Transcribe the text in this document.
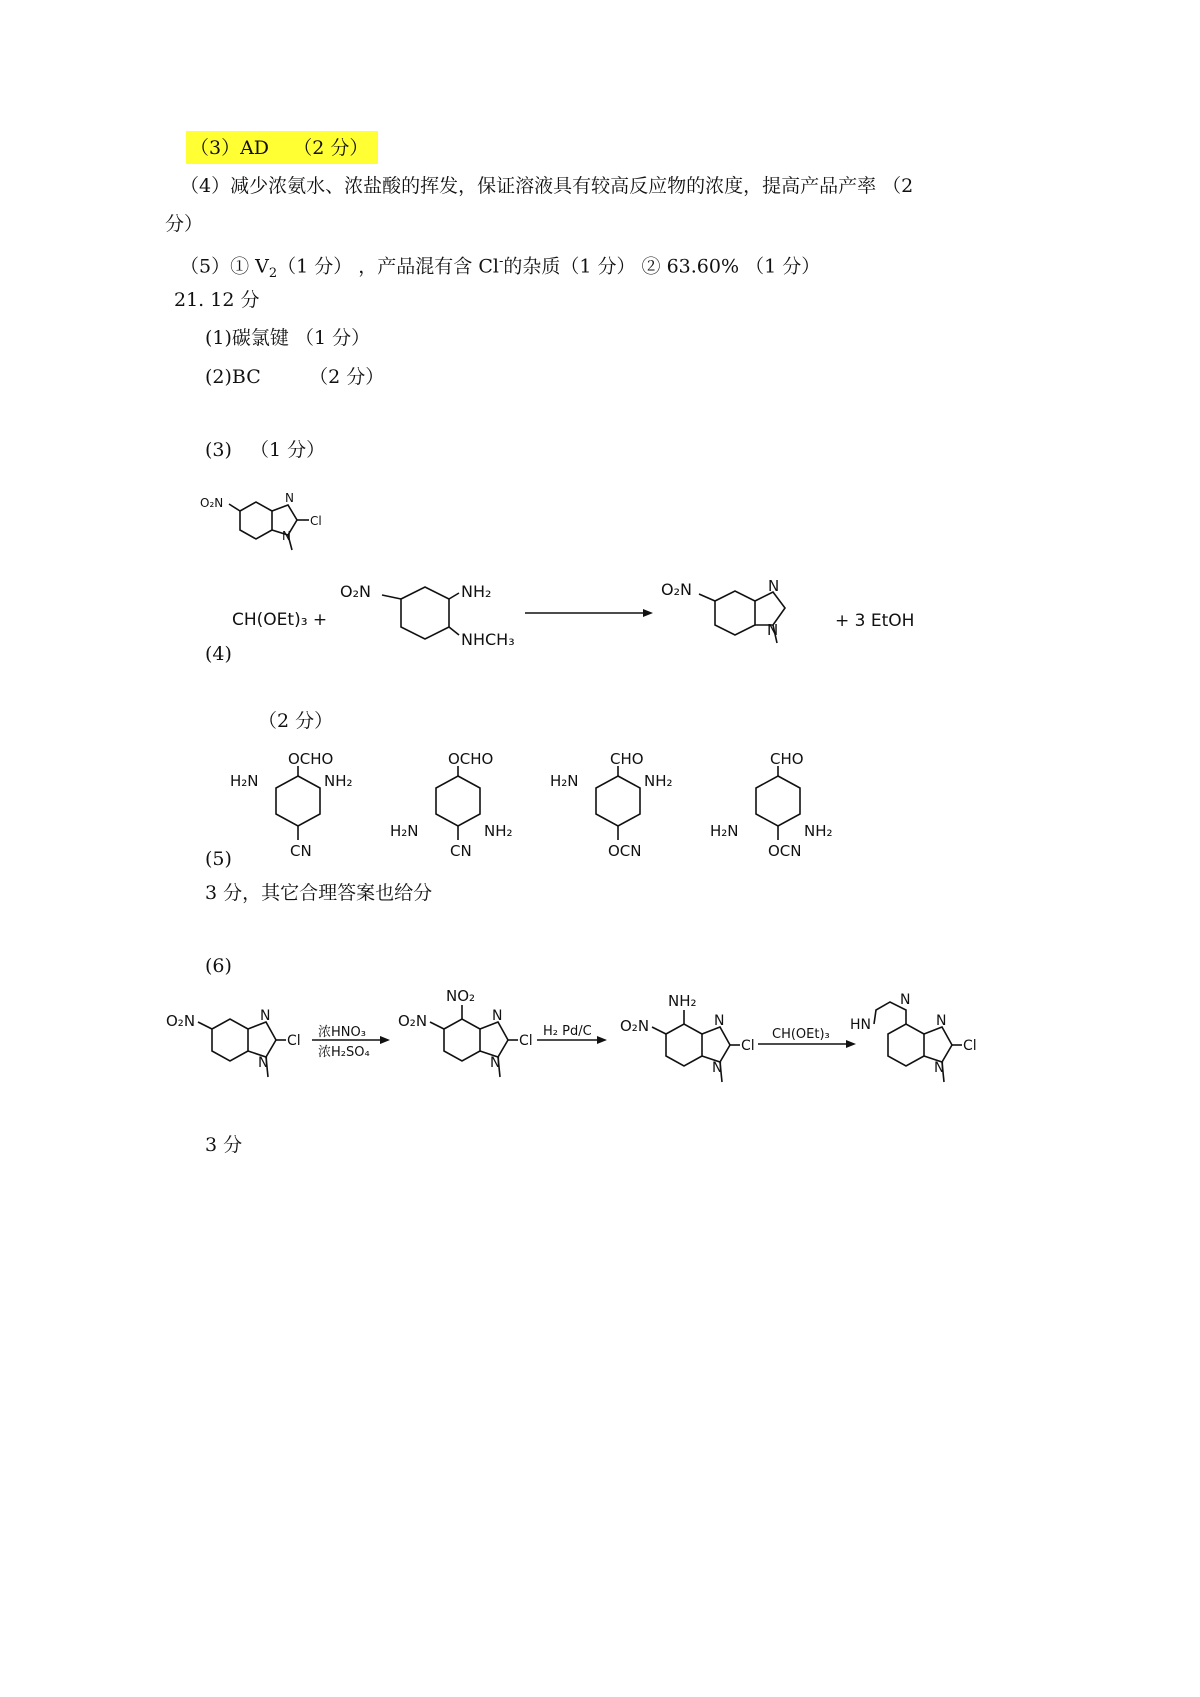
（3）AD （2 分）
（4）减少浓氨水、浓盐酸的挥发，保证溶液具有较高反应物的浓度，提高产品产率 （2
分）
（5）① $V_2(1$ 分） ，产品混有含 Cl-的杂质（1 分） ② 63.60% （1 分）
21. 12 分
(1)碳氯键 （1 分）
(2)BC	（2 分）
(3) （1 分）
(4)
（2 分）
(5)
3 分，其它合理答案也给分
(6)
3 分
O₂N	N
N
Cl
CH(OEt)₃ +
O₂N	NH₂
NHCH₃
O₂N	N
N	+ 3 EtOH
OCHO
H₂N	NH₂
CN
OCHO
H₂N	NH₂
CN
CHO
H₂N	NH₂
OCN
CHO
H₂N	NH₂
OCN
O₂N	N
N
Cl
浓HNO₃
浓H₂SO₄
NO₂
O₂N	N
N
Cl
H₂ Pd/C
NH₂
O₂N	N
N
Cl
CH(OEt)₃
N
HN	N
N
Cl
